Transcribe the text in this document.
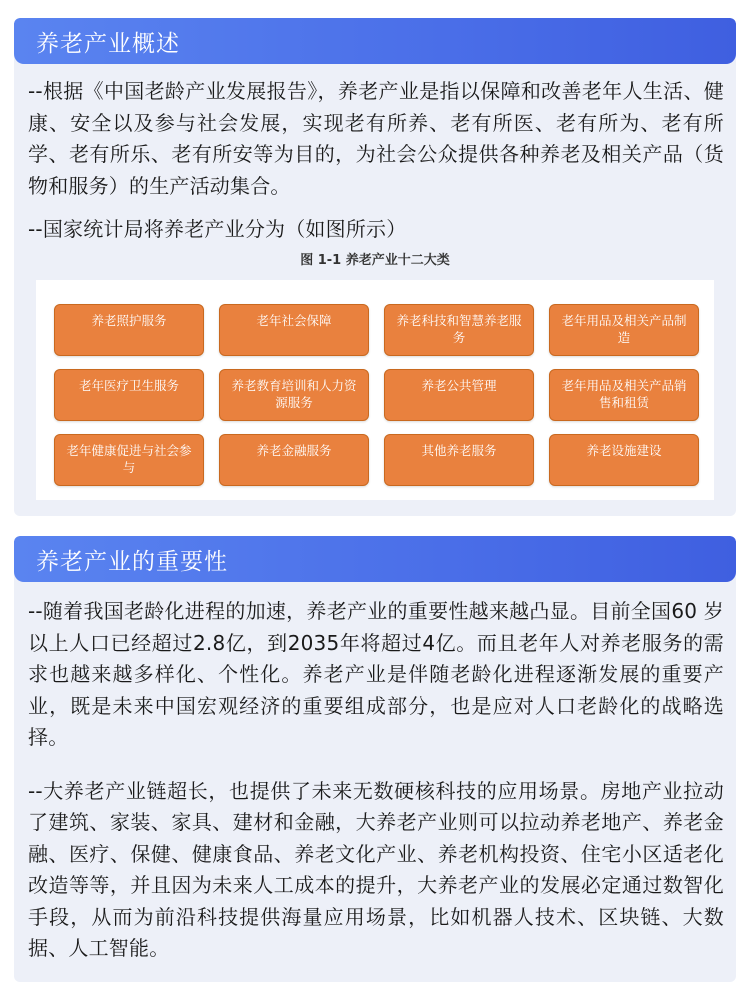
养老产业概述

--根据《中国老龄产业发展报告》，养老产业是指以保障和改善老年人生活、健康、安全以及参与社会发展，实现老有所养、老有所医、老有所为、老有所学、老有所乐、老有所安等为目的，为社会公众提供各种养老及相关产品（货物和服务）的生产活动集合。

--国家统计局将养老产业分为（如图所示）

图 1-1 养老产业十二大类
养老照护服务	老年社会保障	养老科技和智慧养老服务
老年用品及相关产品制造
老年医疗卫生服务	养老教育培训和人力资源服务
养老公共管理	老年用品及相关产品销售和租赁
老年健康促进与社会参与
养老金融服务	其他养老服务	养老设施建设
养老产业的重要性

--随着我国老龄化进程的加速，养老产业的重要性越来越凸显。目前全国60 岁以上人口已经超过2.8亿，到2035年将超过4亿。而且老年人对养老服务的需求也越来越多样化、个性化。养老产业是伴随老龄化进程逐渐发展的重要产业，既是未来中国宏观经济的重要组成部分，也是应对人口老龄化的战略选择。

--大养老产业链超长，也提供了未来无数硬核科技的应用场景。房地产业拉动了建筑、家装、家具、建材和金融，大养老产业则可以拉动养老地产、养老金融、医疗、保健、健康食品、养老文化产业、养老机构投资、住宅小区适老化改造等等，并且因为未来人工成本的提升，大养老产业的发展必定通过数智化手段，从而为前沿科技提供海量应用场景，比如机器人技术、区块链、大数据、人工智能。
